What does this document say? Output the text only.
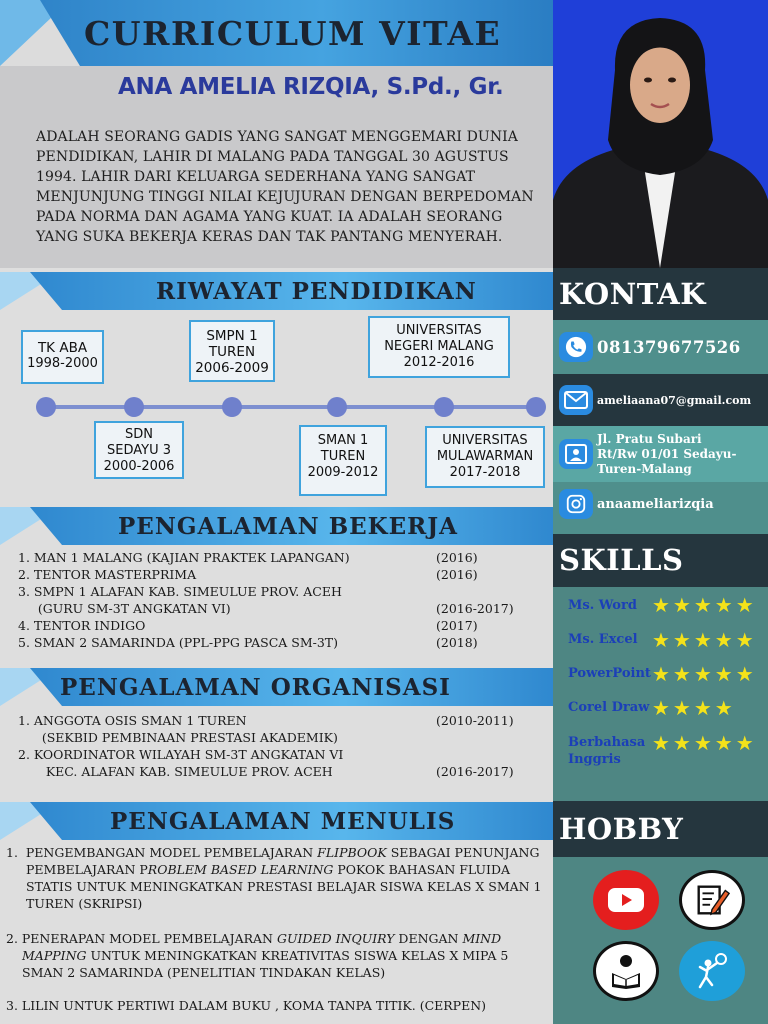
CURRICULUM VITAE
ANA AMELIA RIZQIA, S.Pd., Gr.
ADALAH SEORANG GADIS YANG SANGAT MENGGEMARI DUNIA
PENDIDIKAN, LAHIR DI MALANG PADA TANGGAL 30 AGUSTUS
1994. LAHIR DARI KELUARGA SEDERHANA YANG SANGAT
MENJUNJUNG TINGGI NILAI KEJUJURAN DENGAN BERPEDOMAN
PADA NORMA DAN AGAMA YANG KUAT. IA ADALAH SEORANG
YANG SUKA BEKERJA KERAS DAN TAK PANTANG MENYERAH.
RIWAYAT PENDIDIKAN
TK ABA
1998-2000
SDN
SEDAYU 3
2000-2006
SMPN 1
TUREN
2006-2009
SMAN 1
TUREN
2009-2012
UNIVERSITAS
NEGERI MALANG
2012-2016
UNIVERSITAS
MULAWARMAN
2017-2018
PENGALAMAN BEKERJA
1. MAN 1 MALANG (KAJIAN PRAKTEK LAPANGAN)	(2016)
2. TENTOR MASTERPRIMA	(2016)
3. SMPN 1 ALAFAN KAB. SIMEULUE PROV. ACEH
(GURU SM-3T ANGKATAN VI)	(2016-2017)
4. TENTOR INDIGO	(2017)
5. SMAN 2 SAMARINDA (PPL-PPG PASCA SM-3T)	(2018)
PENGALAMAN ORGANISASI
1. ANGGOTA OSIS SMAN 1 TUREN	(2010-2011)
(SEKBID PEMBINAAN PRESTASI AKADEMIK)
2. KOORDINATOR WILAYAH SM-3T ANGKATAN VI
KEC. ALAFAN KAB. SIMEULUE PROV. ACEH	(2016-2017)
PENGALAMAN MENULIS
1.  PENGEMBANGAN MODEL PEMBELAJARAN FLIPBOOK SEBAGAI PENUNJANG
PEMBELAJARAN PROBLEM BASED LEARNING POKOK BAHASAN FLUIDA
STATIS UNTUK MENINGKATKAN PRESTASI BELAJAR SISWA KELAS X SMAN 1
TUREN (SKRIPSI)
2. PENERAPAN MODEL PEMBELAJARAN GUIDED INQUIRY DENGAN MIND
MAPPING UNTUK MENINGKATKAN KREATIVITAS SISWA KELAS X MIPA 5
SMAN 2 SAMARINDA (PENELITIAN TINDAKAN KELAS)
3. LILIN UNTUK PERTIWI DALAM BUKU , KOMA TANPA TITIK. (CERPEN)
KONTAK
081379677526
ameliaana07@gmail.com
Jl. Pratu Subari
Rt/Rw 01/01 Sedayu-
Turen-Malang
anaameliarizqia
SKILLS
Ms. Word ★★★★★
Ms. Excel ★★★★★
PowerPoint ★★★★★
Corel Draw ★★★★
Berbahasa
Inggris
★★★★★
HOBBY
